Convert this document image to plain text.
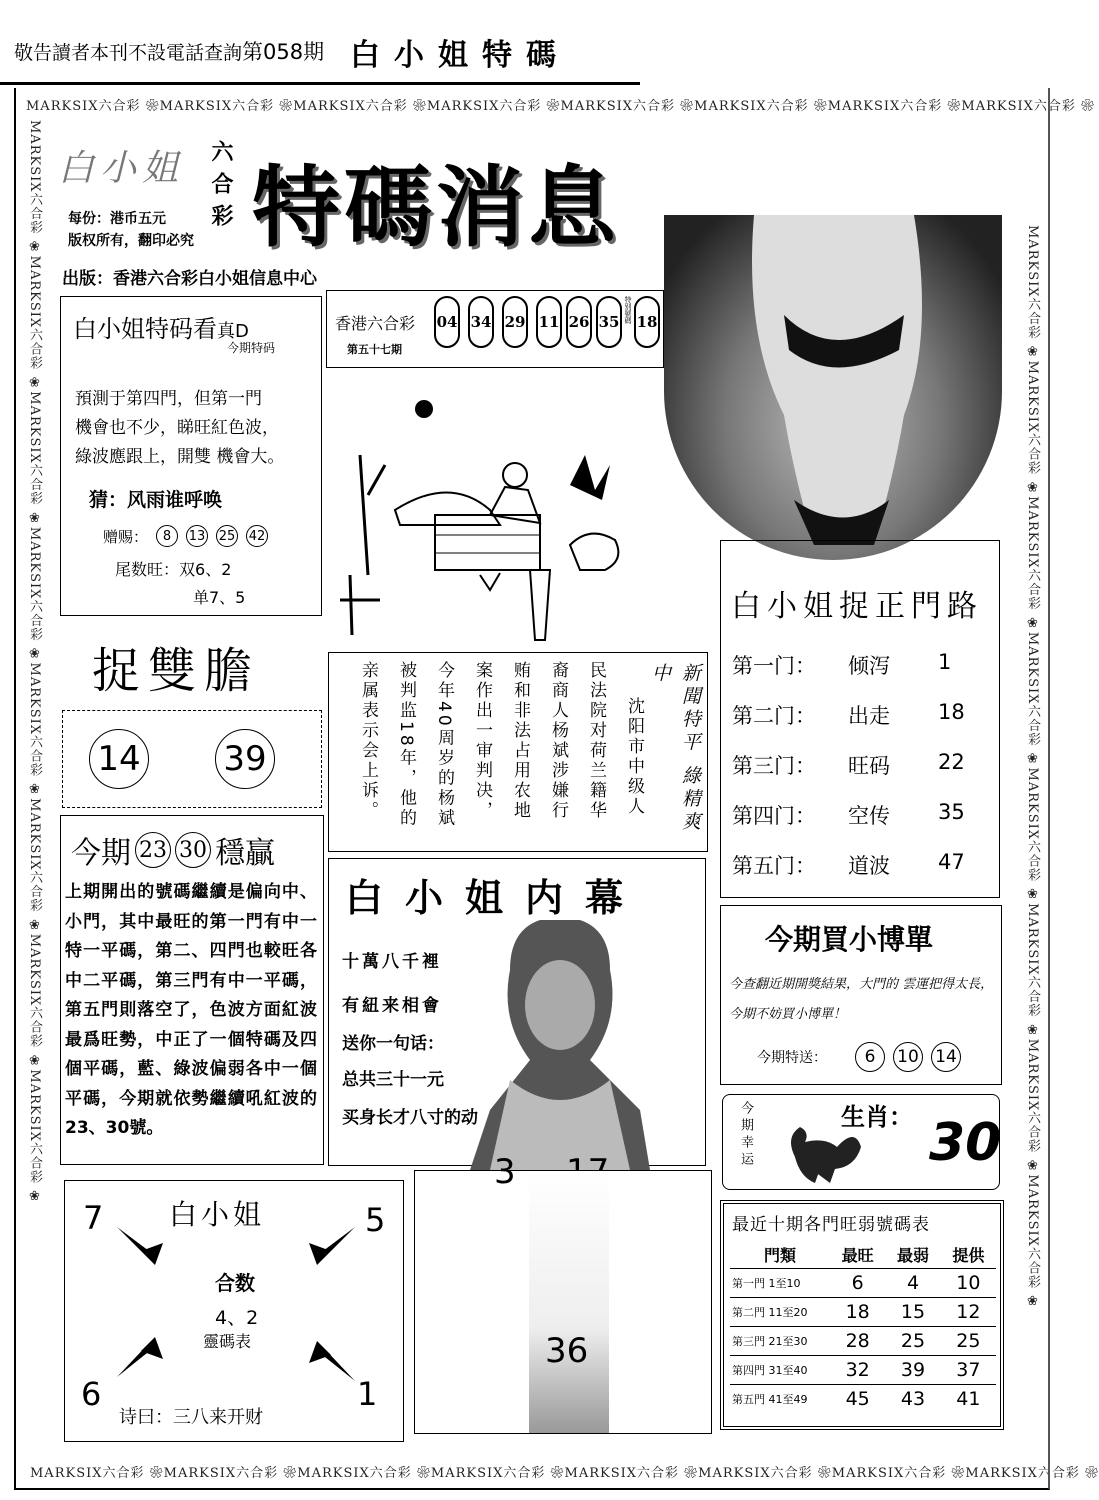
敬告讀者本刊不設電話查詢 第058期 白小姐特碼
MARKSIX六合彩 ❀MARKSIX六合彩 ❀MARKSIX六合彩 ❀MARKSIX六合彩 ❀MARKSIX六合彩 ❀MARKSIX六合彩 ❀MARKSIX六合彩 ❀MARKSIX六合彩 ❀
MARKSIX六合彩 ❀MARKSIX六合彩 ❀MARKSIX六合彩 ❀MARKSIX六合彩 ❀MARKSIX六合彩 ❀MARKSIX六合彩 ❀MARKSIX六合彩 ❀MARKSIX六合彩 ❀
MARKSIX六合彩 ❀MARKSIX六合彩 ❀MARKSIX六合彩 ❀MARKSIX六合彩 ❀MARKSIX六合彩 ❀MARKSIX六合彩 ❀MARKSIX六合彩 ❀MARKSIX六合彩 ❀	MARKSIX六合彩 ❀MARKSIX六合彩 ❀MARKSIX六合彩 ❀MARKSIX六合彩 ❀MARKSIX六合彩 ❀MARKSIX六合彩 ❀MARKSIX六合彩 ❀MARKSIX六合彩 ❀
白小姐 六合彩 特碼消息
每份：港币五元
版权所有，翻印必究
出版：香港六合彩白小姐信息中心
白小姐特码看真D
今期特码
預測于第四門，但第一門
機會也不少，睇旺紅色波，
綠波應跟上，開雙 機會大。
猜：风雨谁呼唤
赠赐：	8	13 25 42
尾数旺：双6、2
单7、5
香港六合彩
第五十七期
04 34 29 11 26 35 特别號碼 18
捉雙膽
14 39	沈阳市中级人
民法院对荷兰籍华
裔商人杨斌涉嫌行
贿和非法占用农地
案作出一审判决，
今年40周岁的杨斌
被判监18年，他的
亲属表示会上诉。	新聞特平 綠精爽中
白小姐捉正門路
第一门：	倾泻	1
第二门：	出走	18
第三门：	旺码	22
第四门：	空传	35
第五门：	道波	47
今期 23 30 穩贏
上期開出的號碼繼續是偏向中、小門，其中最旺的第一門有中一特一平碼，第二、四門也較旺各中二平碼，第三門有中一平碼，第五門則落空了，色波方面紅波最爲旺勢，中正了一個特碼及四個平碼，藍、綠波偏弱各中一個平碼，今期就依勢繼續吼紅波的23、30號。
白小姐内幕
十萬八千裡
有紐来相會
送你一句话：
总共三十一元
买身长才八寸的动
3
36
今期買小博單
今查翻近期開獎結果，大門的 雲運把得太長，今期不妨買小博單！
今期特送：	6	10 14
今期幸运	生肖： 30
白小姐
7	5
6	1
合数
4、2
靈碼表
诗曰：三八来开财
最近十期各門旺弱號碼表
門類	最旺	最弱	提供
第一門 1至10	6	4	10
第二門 11至20	18	15	12
第三門 21至30	28	25	25
第四門 31至40	32	39	37
第五門 41至49	45	43	41
